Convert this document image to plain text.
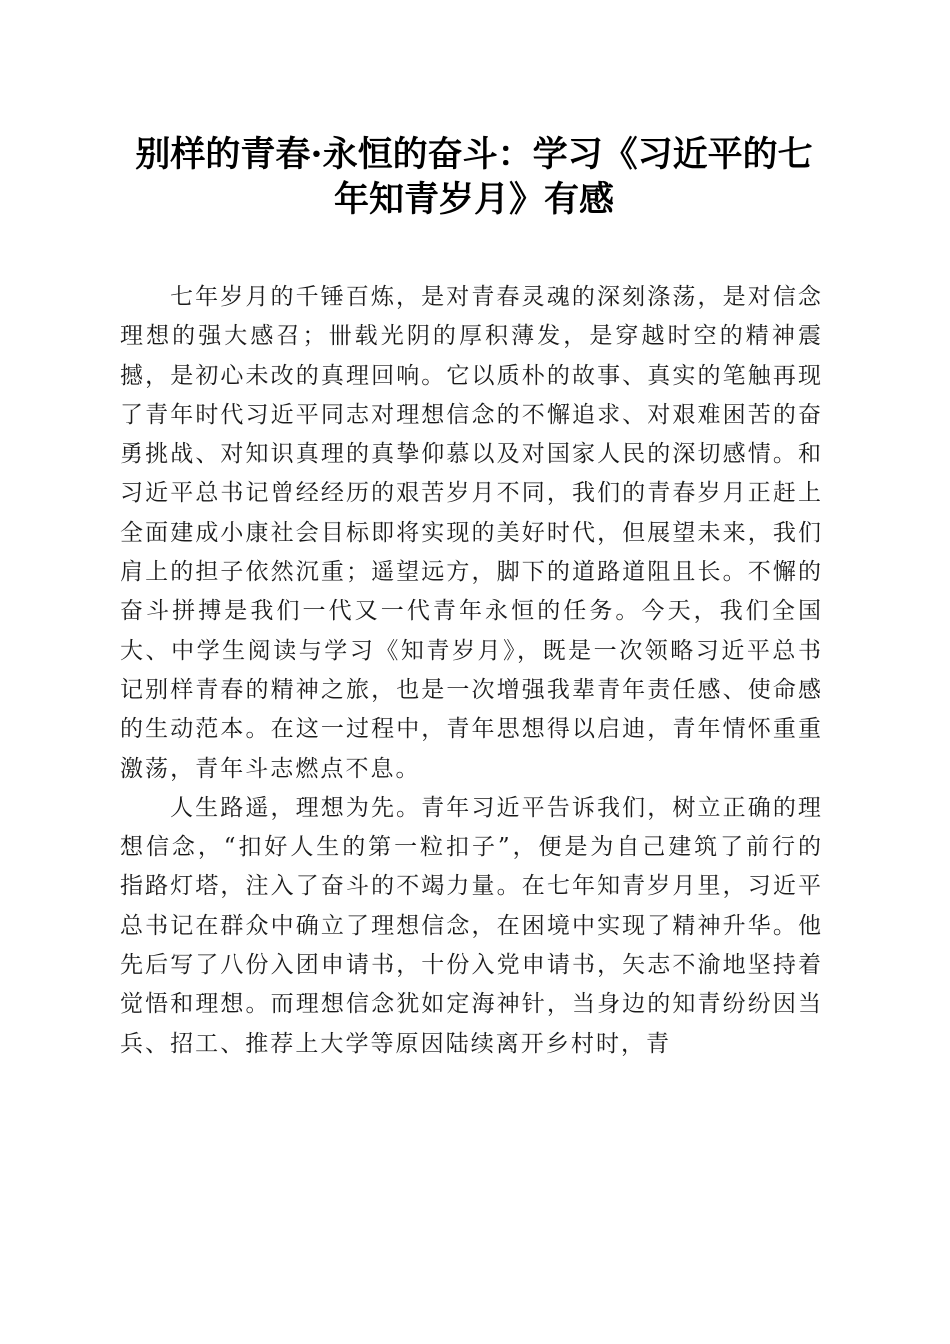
别样的青春·永恒的奋斗：学习《习近平的七年知青岁月》有感

七年岁月的千锤百炼，是对青春灵魂的深刻涤荡，是对信念理想的强大感召；卌载光阴的厚积薄发，是穿越时空的精神震撼，是初心未改的真理回响。它以质朴的故事、真实的笔触再现了青年时代习近平同志对理想信念的不懈追求、对艰难困苦的奋勇挑战、对知识真理的真挚仰慕以及对国家人民的深切感情。和习近平总书记曾经经历的艰苦岁月不同，我们的青春岁月正赶上全面建成小康社会目标即将实现的美好时代，但展望未来，我们肩上的担子依然沉重；遥望远方，脚下的道路道阻且长。不懈的奋斗拼搏是我们一代又一代青年永恒的任务。今天，我们全国大、中学生阅读与学习《知青岁月》，既是一次领略习近平总书记别样青春的精神之旅，也是一次增强我辈青年责任感、使命感的生动范本。在这一过程中，青年思想得以启迪，青年情怀重重激荡，青年斗志燃点不息。

人生路遥，理想为先。青年习近平告诉我们，树立正确的理想信念，“扣好人生的第一粒扣子”，便是为自己建筑了前行的指路灯塔，注入了奋斗的不竭力量。在七年知青岁月里，习近平总书记在群众中确立了理想信念，在困境中实现了精神升华。他先后写了八份入团申请书，十份入党申请书，矢志不渝地坚持着觉悟和理想。而理想信念犹如定海神针，当身边的知青纷纷因当兵、招工、推荐上大学等原因陆续离开乡村时，青
